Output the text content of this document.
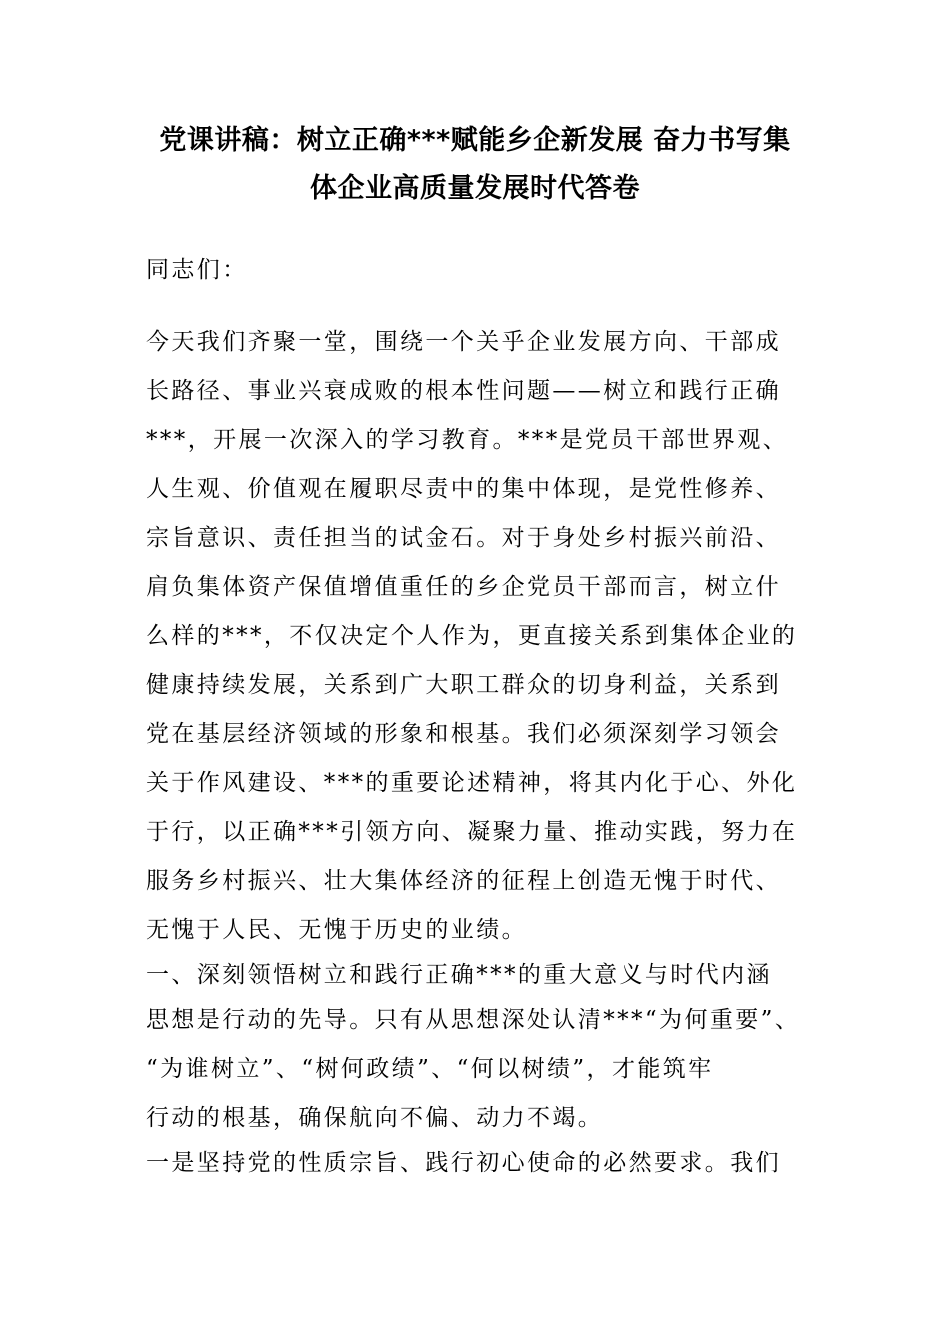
党课讲稿：树立正确***赋能乡企新发展 奋力书写集
体企业高质量发展时代答卷

同志们：

今天我们齐聚一堂，围绕一个关乎企业发展方向、干部成

长路径、事业兴衰成败的根本性问题——树立和践行正确

***，开展一次深入的学习教育。***是党员干部世界观、

人生观、价值观在履职尽责中的集中体现，是党性修养、

宗旨意识、责任担当的试金石。对于身处乡村振兴前沿、

肩负集体资产保值增值重任的乡企党员干部而言，树立什

么样的***，不仅决定个人作为，更直接关系到集体企业的

健康持续发展，关系到广大职工群众的切身利益，关系到

党在基层经济领域的形象和根基。我们必须深刻学习领会

关于作风建设、***的重要论述精神，将其内化于心、外化

于行，以正确***引领方向、凝聚力量、推动实践，努力在

服务乡村振兴、壮大集体经济的征程上创造无愧于时代、

无愧于人民、无愧于历史的业绩。

一、深刻领悟树立和践行正确***的重大意义与时代内涵

思想是行动的先导。只有从思想深处认清***“为何重要”、

“为谁树立”、“树何政绩”、“何以树绩”，才能筑牢

行动的根基，确保航向不偏、动力不竭。

一是坚持党的性质宗旨、践行初心使命的必然要求。我们
